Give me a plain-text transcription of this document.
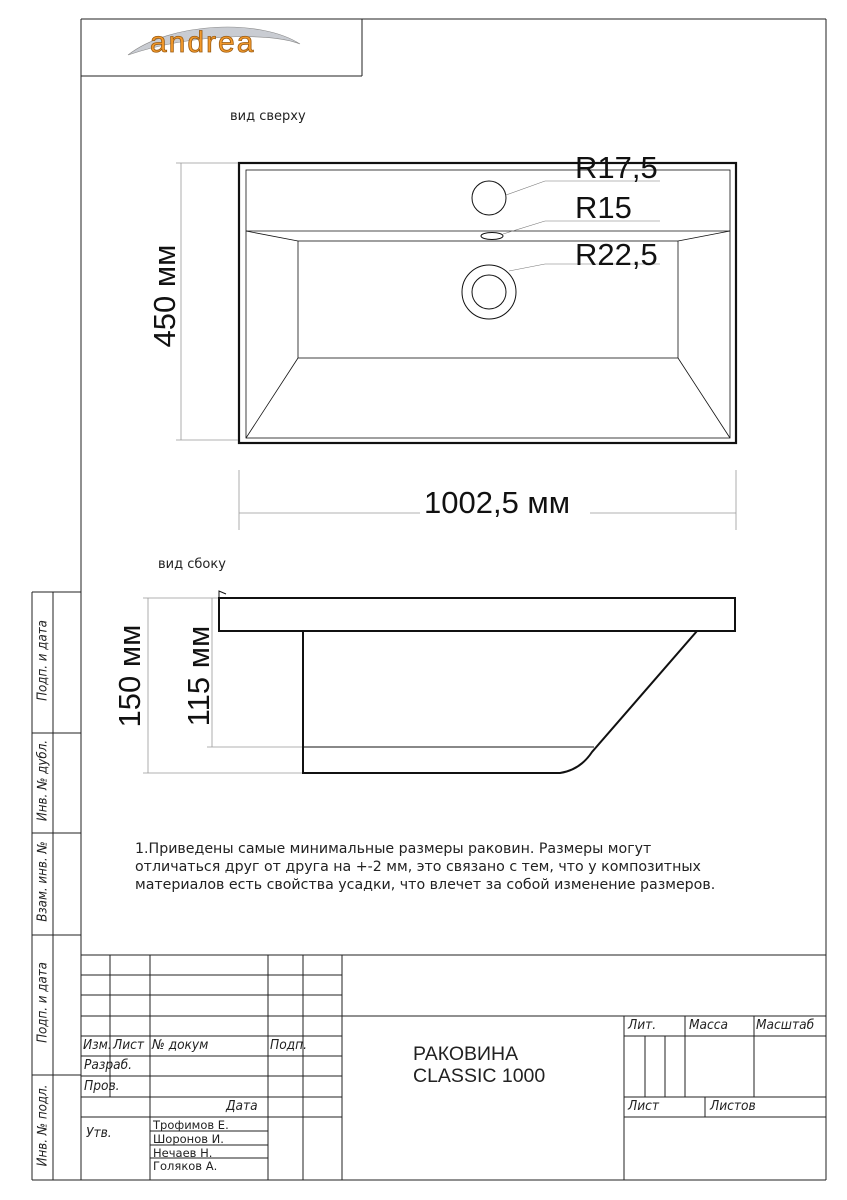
andrea
вид сверху
вид сбоку
R17,5
R15
R22,5
450 мм
1002,5 мм
150 мм 115 мм
1.Приведены самые минимальные размеры раковин. Размеры могут
отличаться друг от друга на +-2 мм, это связано с тем, что у композитных
материалов есть свойства усадки, что влечет за собой изменение размеров.
Подп. и дата
Инв. № дубл.
Взам. инв. №
Подп. и дата
Инв. № подл.
Изм. Лист № докум	Подп.
Разраб.
Пров.
Дата
Утв.	Трофимов Е.
Шоронов И.
Нечаев Н.
Голяков А.
РАКОВИНА
CLASSIC 1000
Лит. Масса Масштаб
Лист	Листов
